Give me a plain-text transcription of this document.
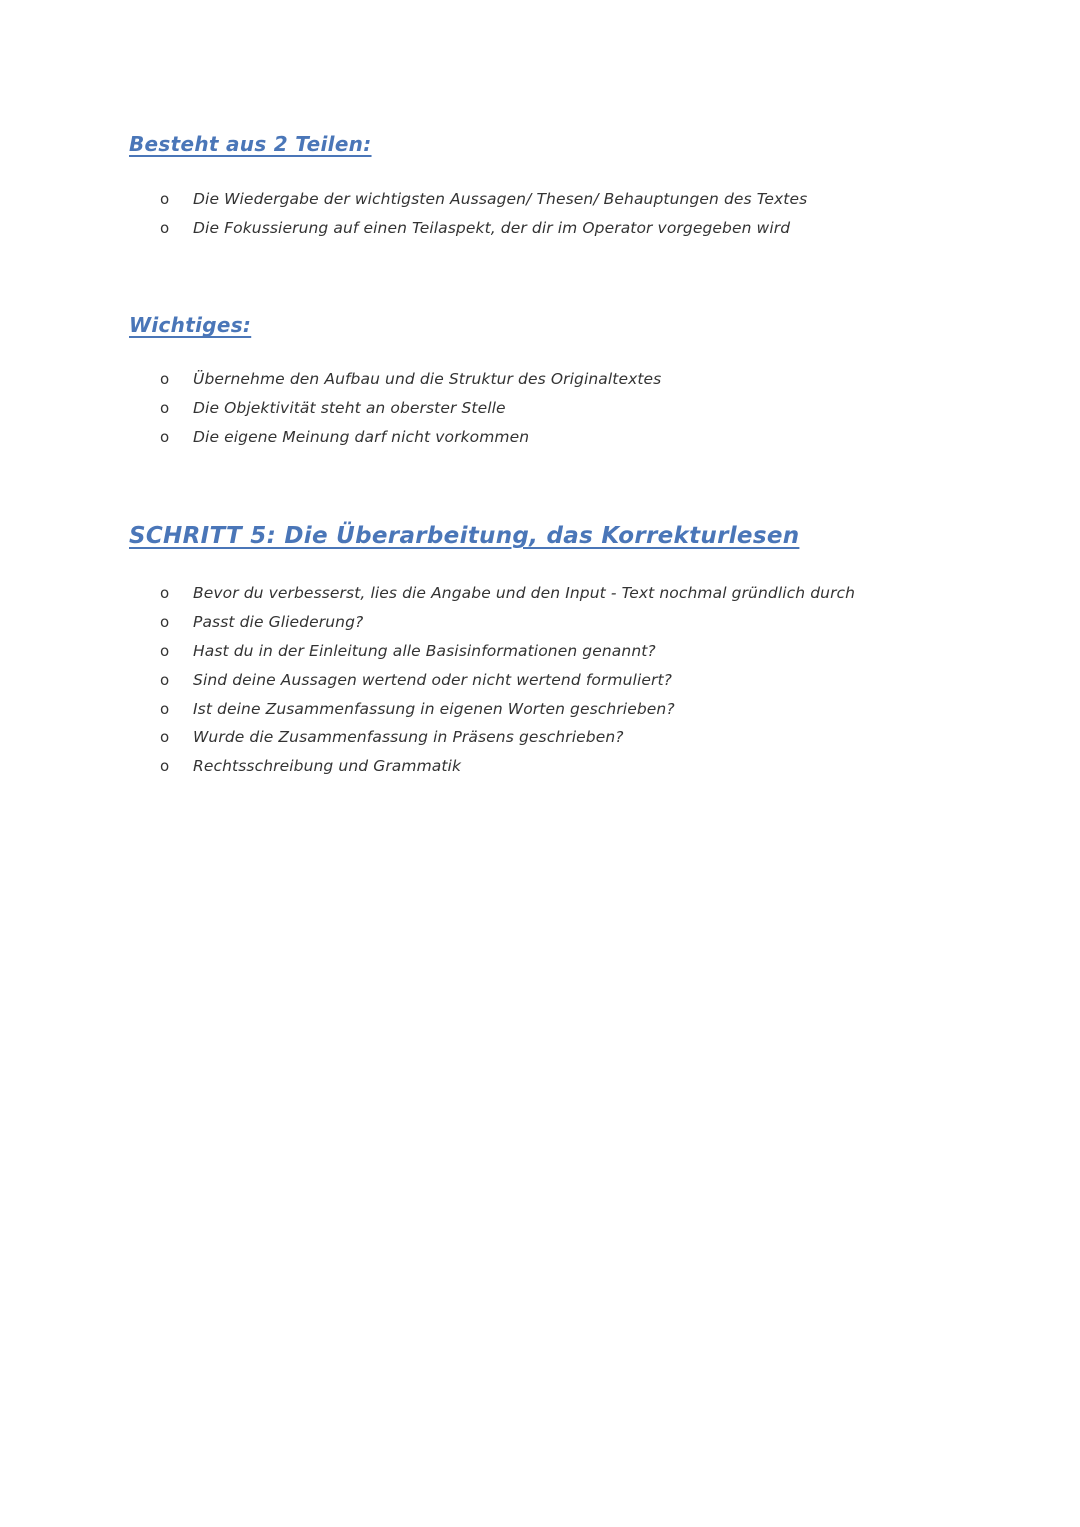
Besteht aus 2 Teilen:
o	Die Wiedergabe der wichtigsten Aussagen/ Thesen/ Behauptungen des Textes
o	Die Fokussierung auf einen Teilaspekt, der dir im Operator vorgegeben wird
Wichtiges:
o	Übernehme den Aufbau und die Struktur des Originaltextes
o	Die Objektivität steht an oberster Stelle
o	Die eigene Meinung darf nicht vorkommen
SCHRITT 5: Die Überarbeitung, das Korrekturlesen
o	Bevor du verbesserst, lies die Angabe und den Input - Text nochmal gründlich durch
o	Passt die Gliederung?
o	Hast du in der Einleitung alle Basisinformationen genannt?
o	Sind deine Aussagen wertend oder nicht wertend formuliert?
o	Ist deine Zusammenfassung in eigenen Worten geschrieben?
o	Wurde die Zusammenfassung in Präsens geschrieben?
o	Rechtsschreibung und Grammatik
